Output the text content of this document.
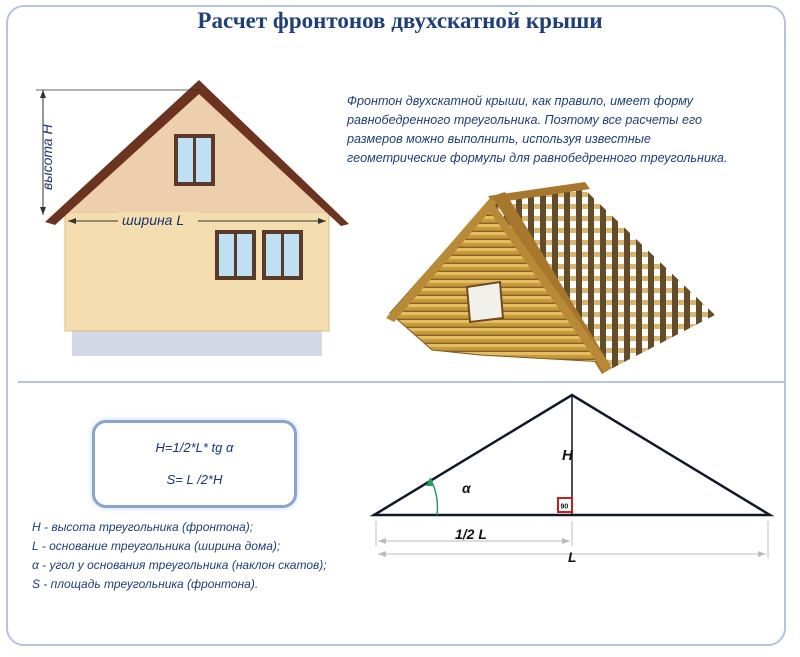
Расчет фронтонов двухскатной крыши
высота H
ширина L
Фронтон двухскатной крыши, как правило, имеет форму
равнобедренного треугольника. Поэтому все расчеты его
размеров можно выполнить, используя известные
геометрические формулы для равнобедренного треугольника.
H=1/2*L* tg α
S= L /2*H
H - высота треугольника (фронтона);
L - основание треугольника (ширина дома);
α - угол у основания треугольника (наклон скатов);
S - площадь треугольника (фронтона).
90
α
H
1/2 L
L
